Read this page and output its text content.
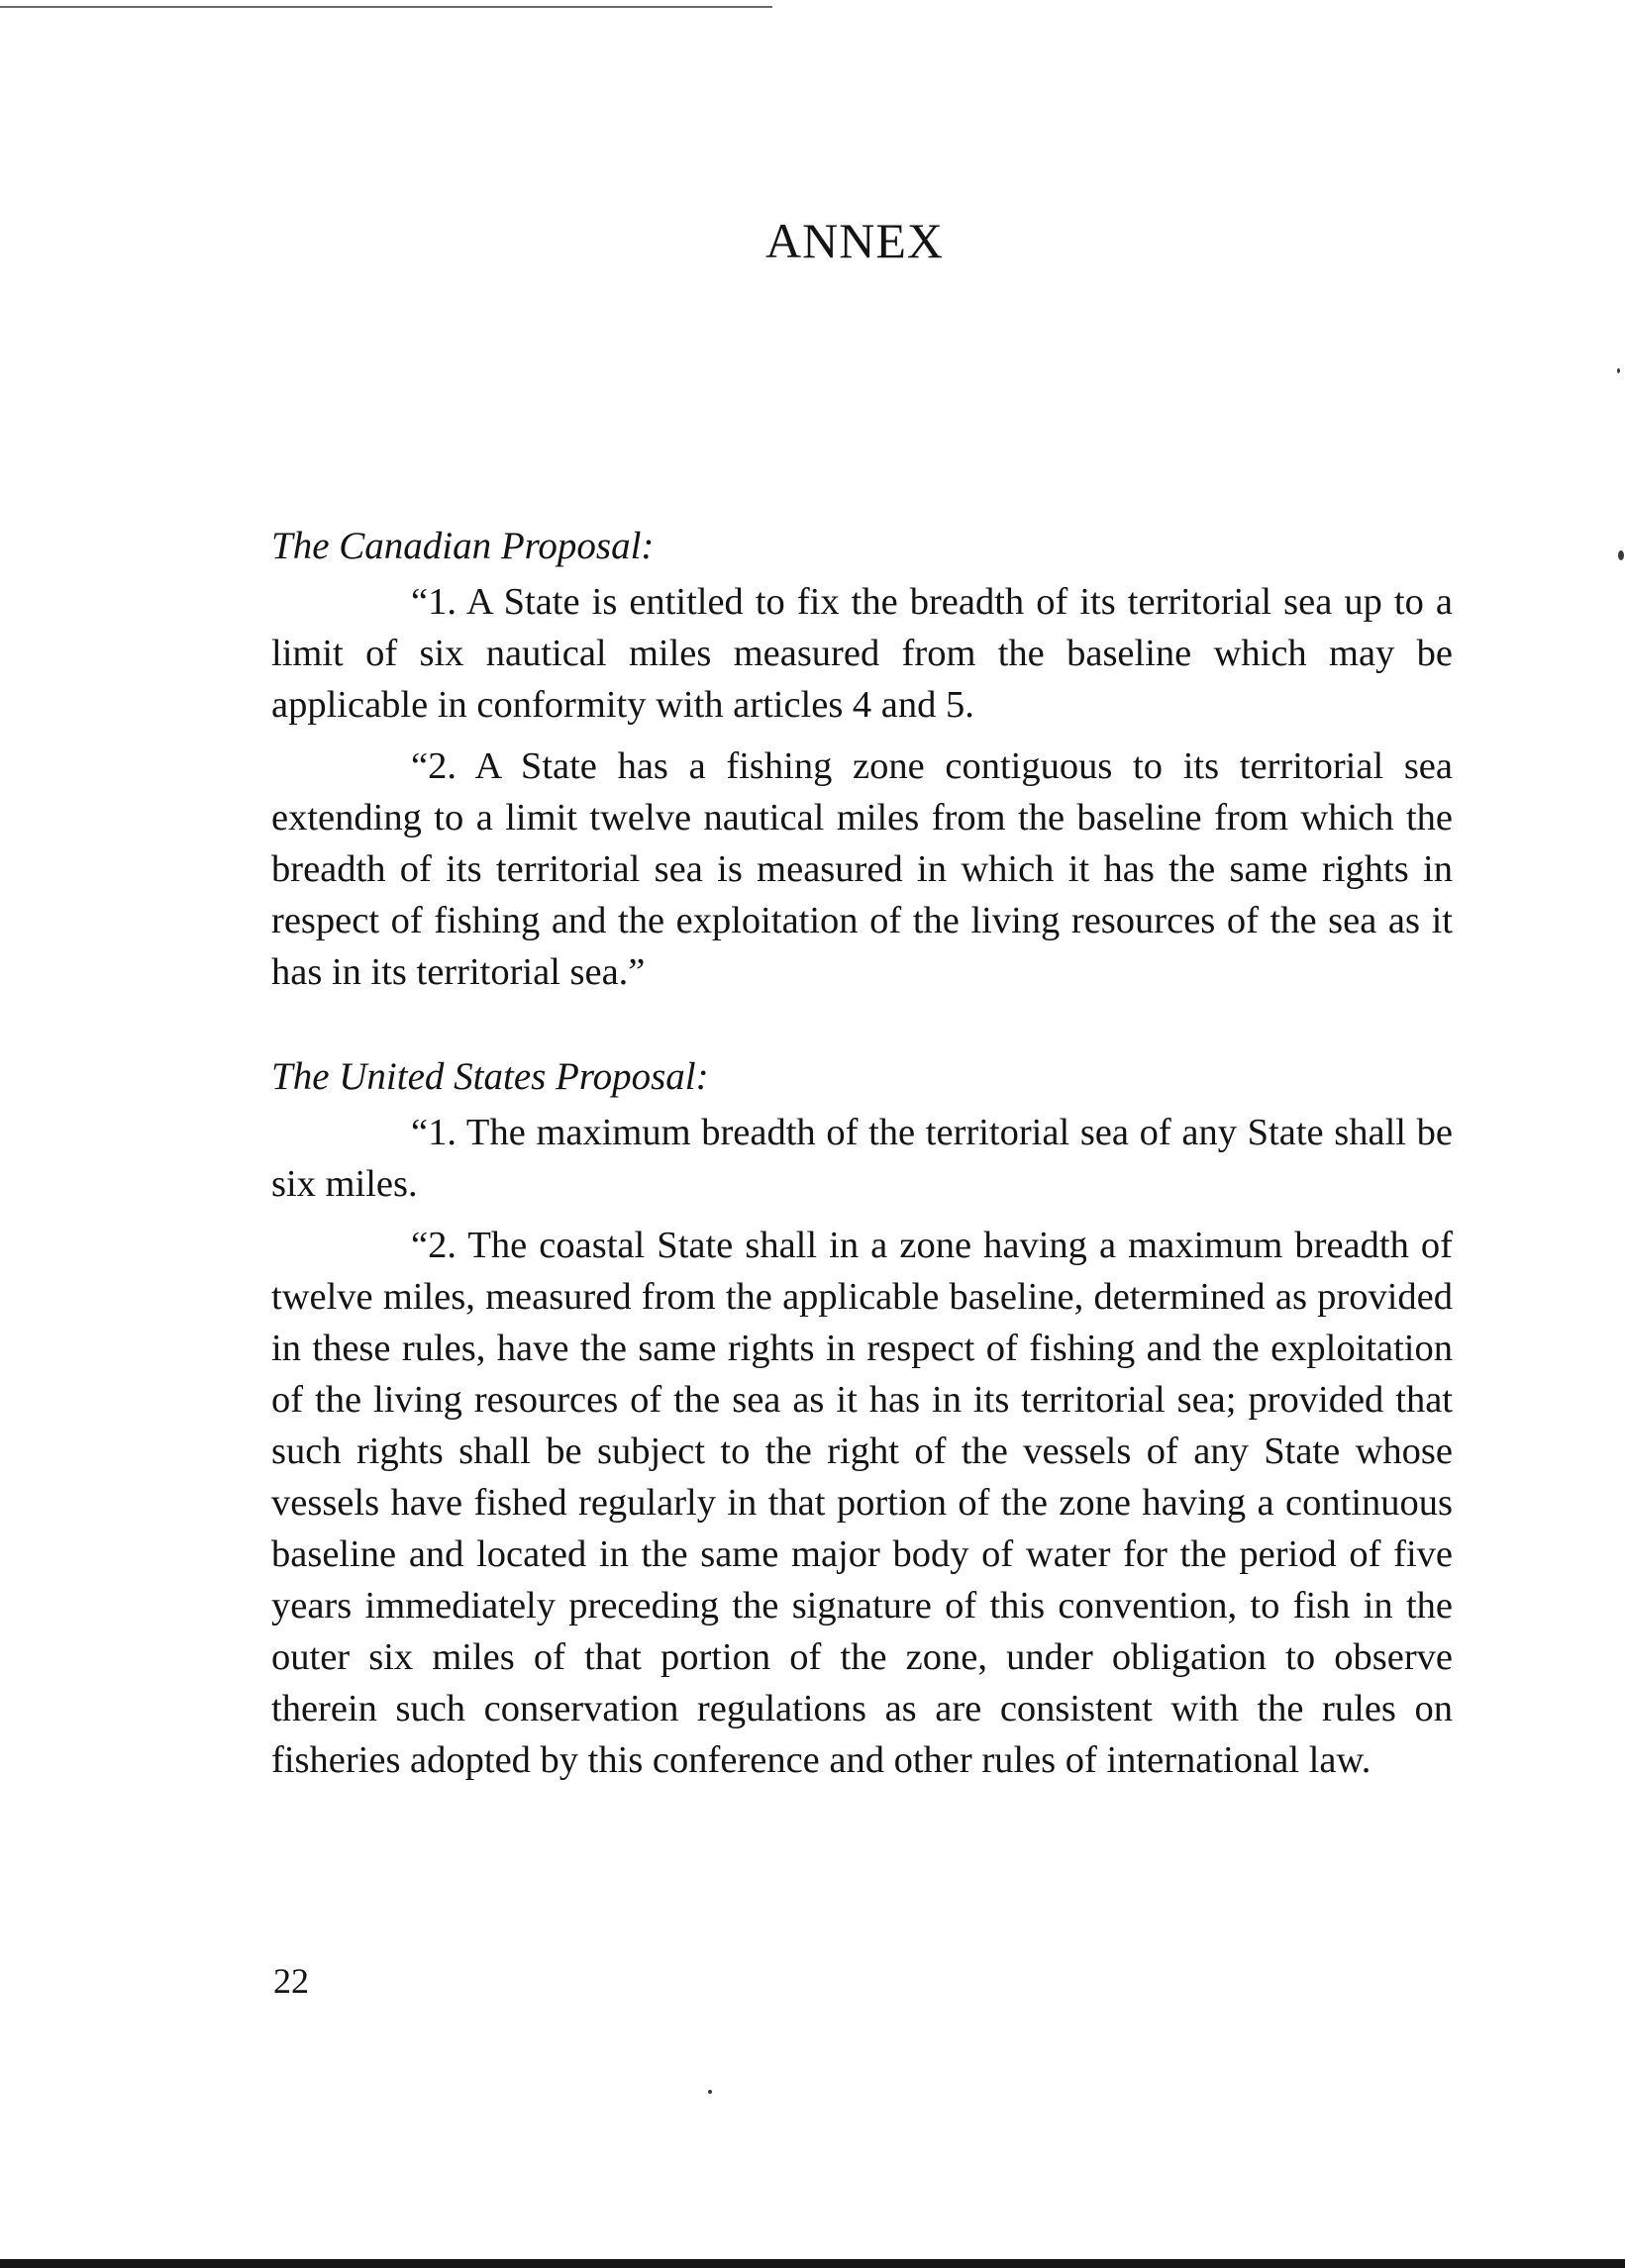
ANNEX

The Canadian Proposal:

“1. A State is entitled to fix the breadth of its territorial sea up to a limit of six nautical miles measured from the baseline which may be applicable in conformity with articles 4 and 5.

“2. A State has a fishing zone contiguous to its territorial sea extending to a limit twelve nautical miles from the baseline from which the breadth of its territorial sea is measured in which it has the same rights in respect of fishing and the exploitation of the living resources of the sea as it has in its territorial sea.”

The United States Proposal:

“1. The maximum breadth of the territorial sea of any State shall be six miles.

“2. The coastal State shall in a zone having a maximum breadth of twelve miles, measured from the applicable baseline, determined as provided in these rules, have the same rights in respect of fishing and the exploitation of the living resources of the sea as it has in its territorial sea; provided that such rights shall be subject to the right of the vessels of any State whose vessels have fished regularly in that portion of the zone having a continuous baseline and located in the same major body of water for the period of five years immediately preceding the signature of this convention, to fish in the outer six miles of that portion of the zone, under obligation to observe therein such conservation regulations as are consistent with the rules on fisheries adopted by this conference and other rules of international law.

22
